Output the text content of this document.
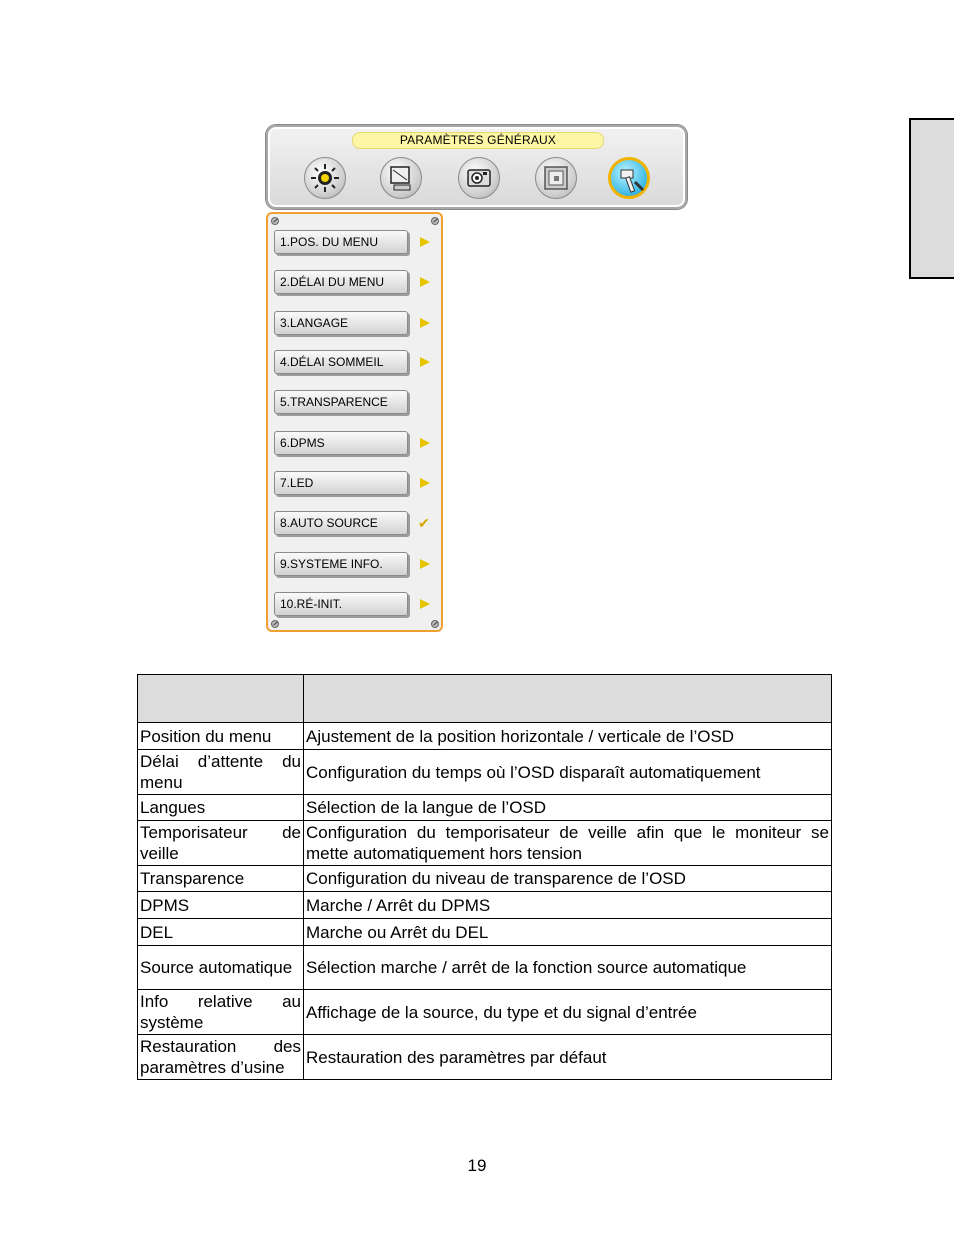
PARAMÈTRES GÉNÉRAUX
1.POS. DU MENU
2.DÉLAI DU MENU
3.LANGAGE
4.DÉLAI SOMMEIL
5.TRANSPARENCE
6.DPMS
7.LED
8.AUTO SOURCE	✔
9.SYSTEME INFO.
10.RÉ-INIT.

Position du menu	Ajustement de la position horizontale / verticale de l’OSD
Délai d’attente du menu	Configuration du temps où l’OSD disparaît automatiquement
Langues	Sélection de la langue de l’OSD
Temporisateur de veille	Configuration du temporisateur de veille afin que le moniteur se mette automatiquement hors tension
Transparence	Configuration du niveau de transparence de l’OSD
DPMS	Marche / Arrêt du DPMS
DEL	Marche ou Arrêt du DEL
Source automatique	Sélection marche / arrêt de la fonction source automatique
Info relative au système	Affichage de la source, du type et du signal d’entrée
Restauration des paramètres d’usine	Restauration des paramètres par défaut
19
